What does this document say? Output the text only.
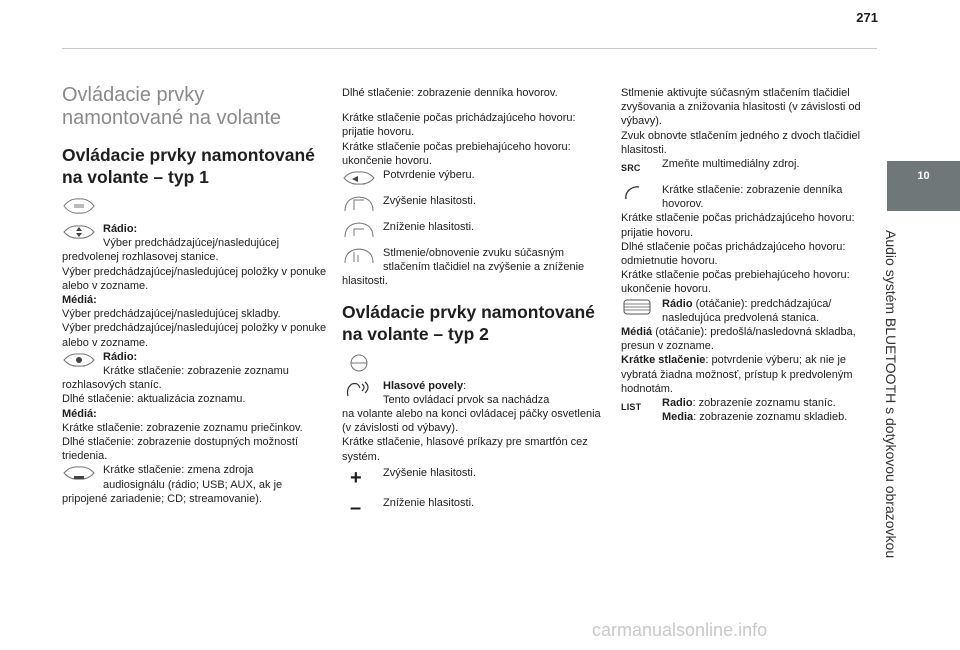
271
10
Audio systém BLUETOOTH s dotykovou obrazovkou
Ovládacie prvky namontované na volante
Ovládacie prvky namontované na volante – typ 1

Rádio:
Výber predchádzajúcej/nasledujúcej

predvolenej rozhlasovej stanice.

Výber predchádzajúcej/nasledujúcej položky v ponuke alebo v zozname.

Médiá:

Výber predchádzajúcej/nasledujúcej skladby.

Výber predchádzajúcej/nasledujúcej položky v ponuke alebo v zozname.

Rádio:
Krátke stlačenie: zobrazenie zoznamu

rozhlasových staníc.

Dlhé stlačenie: aktualizácia zoznamu.

Médiá:

Krátke stlačenie: zobrazenie zoznamu priečinkov.

Dlhé stlačenie: zobrazenie dostupných možností triedenia.

Krátke stlačenie: zmena zdroja
audiosignálu (rádio; USB; AUX, ak je

pripojené zariadenie; CD; streamovanie).

Dlhé stlačenie: zobrazenie denníka hovorov.

Krátke stlačenie počas prichádzajúceho hovoru: prijatie hovoru.

Krátke stlačenie počas prebiehajúceho hovoru: ukončenie hovoru.

Potvrdenie výberu.

Zvýšenie hlasitosti.

Zníženie hlasitosti.

Stlmenie/obnovenie zvuku súčasným
stlačením tlačidiel na zvýšenie a zníženie

hlasitosti.

Ovládacie prvky namontované na volante – typ 2

Hlasové povely:
Tento ovládací prvok sa nachádza

na volante alebo na konci ovládacej páčky osvetlenia (v závislosti od výbavy).

Krátke stlačenie, hlasové príkazy pre smartfón cez systém.

+	Zvýšenie hlasitosti.

–	Zníženie hlasitosti.

Stlmenie aktivujte súčasným stlačením tlačidiel zvyšovania a znižovania hlasitosti (v závislosti od výbavy).

Zvuk obnovte stlačením jedného z dvoch tlačidiel hlasitosti.

SRC	Zmeňte multimediálny zdroj.

Krátke stlačenie: zobrazenie denníka
hovorov.

Krátke stlačenie počas prichádzajúceho hovoru: prijatie hovoru.

Dlhé stlačenie počas prichádzajúceho hovoru: odmietnutie hovoru.

Krátke stlačenie počas prebiehajúceho hovoru: ukončenie hovoru.

Rádio (otáčanie): predchádzajúca/
nasledujúca predvolená stanica.

Médiá (otáčanie): predošlá/nasledovná skladba, presun v zozname.

Krátke stlačenie: potvrdenie výberu; ak nie je vybratá žiadna možnosť, prístup k predvoleným hodnotám.

LIST	Radio: zobrazenie zoznamu staníc.
Media: zobrazenie zoznamu skladieb.

carmanualsonline.info
